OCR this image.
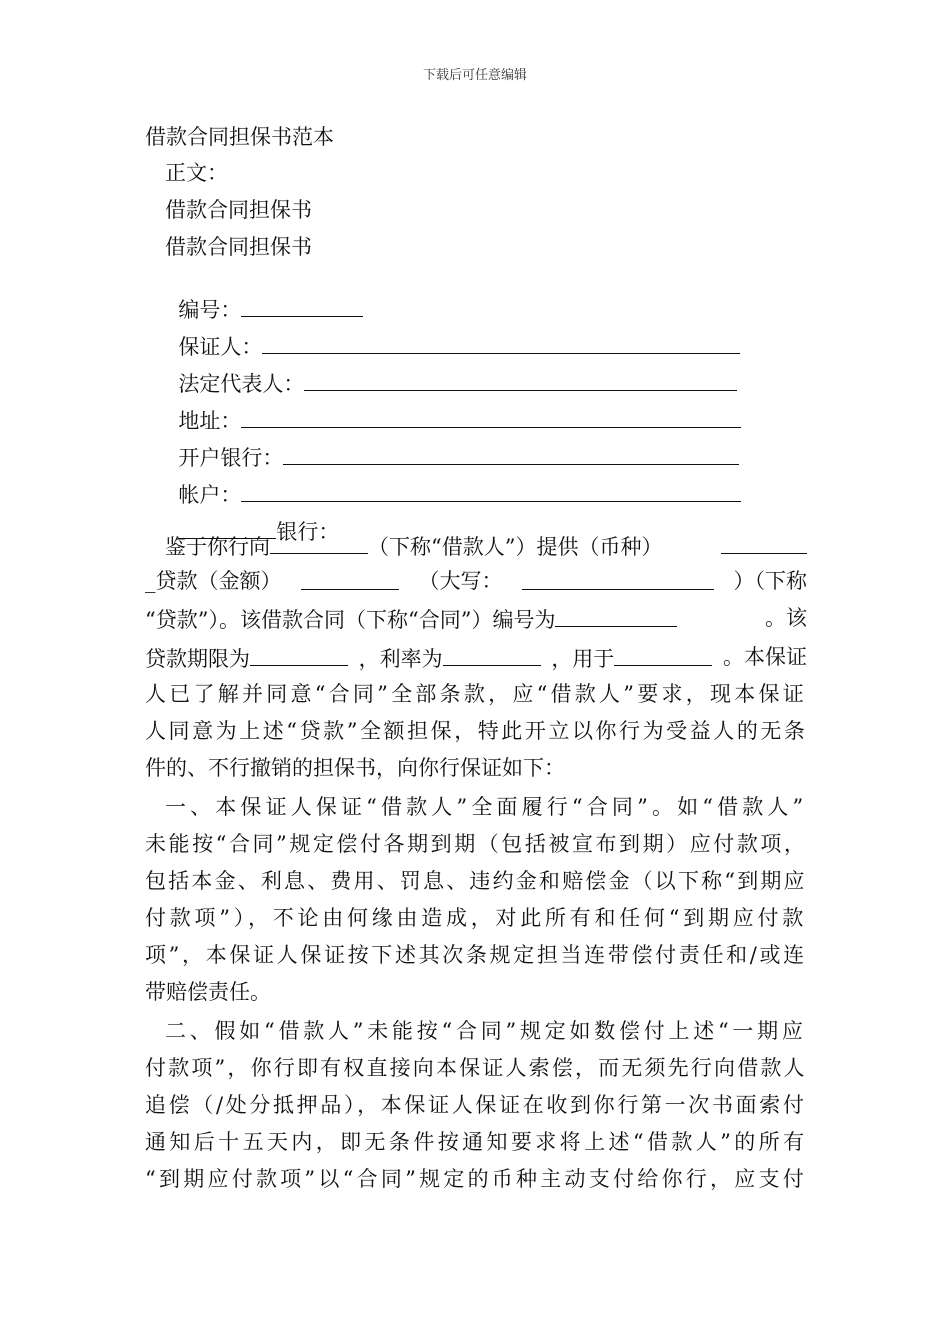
下载后可任意编辑
借款合同担保书范本
正文：
借款合同担保书
借款合同担保书

编号：

保证人：

法定代表人：

地址：

开户银行：

帐户：

银行：

鉴于你行向	（下称“借款人”）提供（币种）
_贷款（金额）	（大写：	）（下称
“贷款”）。该借款合同（下称“合同”）编号为	。该
贷款期限为	，利率为	，用于	。本保证
人已了解并同意“合同”全部条款，应“借款人”要求，现本保证
人同意为上述“贷款”全额担保，特此开立以你行为受益人的无条
件的、不行撤销的担保书，向你行保证如下：
一、本保证人保证“借款人”全面履行“合同”。如“借款人”
未能按“合同”规定偿付各期到期（包括被宣布到期）应付款项，
包括本金、利息、费用、罚息、违约金和赔偿金（以下称“到期应
付款项”），不论由何缘由造成，对此所有和任何“到期应付款
项”，本保证人保证按下述其次条规定担当连带偿付责任和/或连
带赔偿责任。
二、假如“借款人”未能按“合同”规定如数偿付上述“一期应
付款项”，你行即有权直接向本保证人索偿，而无须先行向借款人
追偿（/处分抵押品），本保证人保证在收到你行第一次书面索付
通知后十五天内，即无条件按通知要求将上述“借款人”的所有
“到期应付款项”以“合同”规定的币种主动支付给你行，应支付
